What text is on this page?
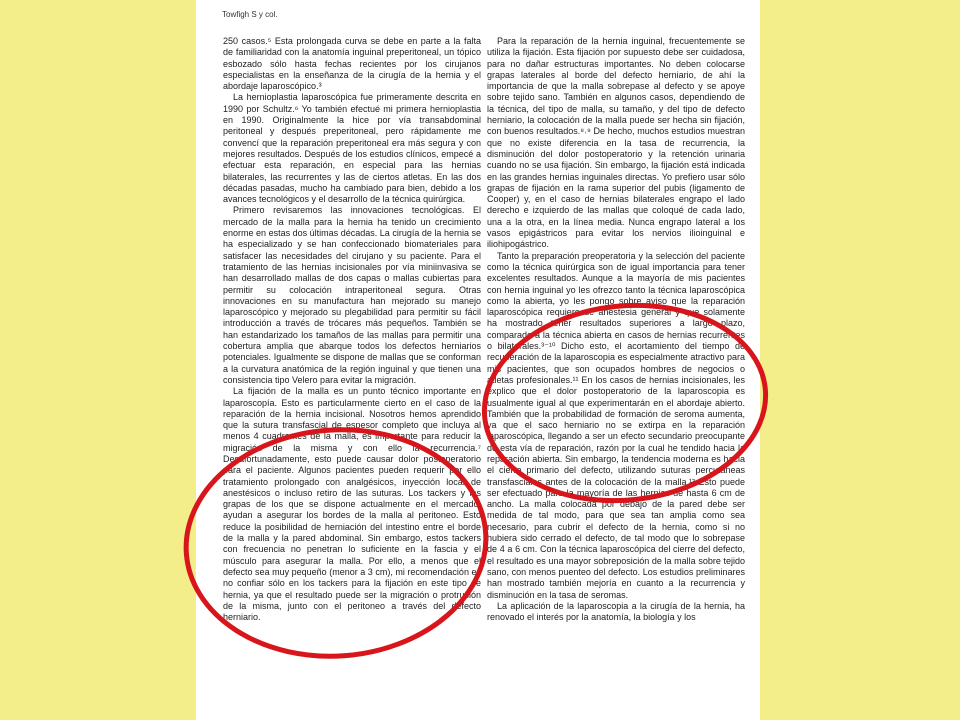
Towfigh S y col.

250 casos.⁵ Esta prolongada curva se debe en parte a la falta de familiaridad con la anatomía inguinal preperitoneal, un tópico esbozado sólo hasta fechas recientes por los cirujanos especialistas en la enseñanza de la cirugía de la hernia y el abordaje laparoscópico.³

La hernioplastia laparoscópica fue primeramente descrita en 1990 por Schultz.⁶ Yo también efectué mi primera hernioplastia en 1990. Originalmente la hice por vía transabdominal peritoneal y después preperitoneal, pero rápidamente me convencí que la reparación preperitoneal era más segura y con mejores resultados. Después de los estudios clínicos, empecé a efectuar esta reparación, en especial para las hernias bilaterales, las recurrentes y las de ciertos atletas. En las dos décadas pasadas, mucho ha cambiado para bien, debido a los avances tecnológicos y el desarrollo de la técnica quirúrgica.

Primero revisaremos las innovaciones tecnológicas. El mercado de la malla para la hernia ha tenido un crecimiento enorme en estas dos últimas décadas. La cirugía de la hernia se ha especializado y se han confeccionado biomateriales para satisfacer las necesidades del cirujano y su paciente. Para el tratamiento de las hernias incisionales por vía miniinvasiva se han desarrollado mallas de dos capas o mallas cubiertas para permitir su colocación intraperitoneal segura. Otras innovaciones en su manufactura han mejorado su manejo laparoscópico y mejorado su plegabilidad para permitir su fácil introducción a través de trócares más pequeños. También se han estandarizado los tamaños de las mallas para permitir una cobertura amplia que abarque todos los defectos herniarios potenciales. Igualmente se dispone de mallas que se conforman a la curvatura anatómica de la región inguinal y que tienen una consistencia tipo Velero para evitar la migración.

La fijación de la malla es un punto técnico importante en laparoscopía. Esto es particularmente cierto en el caso de la reparación de la hernia incisional. Nosotros hemos aprendido que la sutura transfascial de espesor completo que incluya al menos 4 cuadrantes de la malla, es importante para reducir la migración de la misma y con ello la recurrencia.⁷ Desafortunadamente, esto puede causar dolor postoperatorio para el paciente. Algunos pacientes pueden requerir por ello tratamiento prolongado con analgésicos, inyección local de anestésicos o incluso retiro de las suturas. Los tackers y las grapas de los que se dispone actualmente en el mercado, ayudan a asegurar los bordes de la malla al peritoneo. Esto reduce la posibilidad de herniación del intestino entre el borde de la malla y la pared abdominal. Sin embargo, estos tackers con frecuencia no penetran lo suficiente en la fascia y el músculo para asegurar la malla. Por ello, a menos que el defecto sea muy pequeño (menor a 3 cm), mi recomendación es no confiar sólo en los tackers para la fijación en este tipo de hernia, ya que el resultado puede ser la migración o protrusión de la misma, junto con el peritoneo a través del defecto herniario.

Para la reparación de la hernia inguinal, frecuentemente se utiliza la fijación. Esta fijación por supuesto debe ser cuidadosa, para no dañar estructuras importantes. No deben colocarse grapas laterales al borde del defecto herniario, de ahí la importancia de que la malla sobrepase al defecto y se apoye sobre tejido sano. También en algunos casos, dependiendo de la técnica, del tipo de malla, su tamaño, y del tipo de defecto herniario, la colocación de la malla puede ser hecha sin fijación, con buenos resultados.⁸˒⁹ De hecho, muchos estudios muestran que no existe diferencia en la tasa de recurrencia, la disminución del dolor postoperatorio y la retención urinaria cuando no se usa fijación. Sin embargo, la fijación está indicada en las grandes hernias inguinales directas. Yo prefiero usar sólo grapas de fijación en la rama superior del pubis (ligamento de Cooper) y, en el caso de hernias bilaterales engrapo el lado derecho e izquierdo de las mallas que coloqué de cada lado, una a la otra, en la línea media. Nunca engrapo lateral a los vasos epigástricos para evitar los nervios ilioinguinal e iliohipogástrico.

Tanto la preparación preoperatoria y la selección del paciente como la técnica quirúrgica son de igual importancia para tener excelentes resultados. Aunque a la mayoría de mis pacientes con hernia inguinal yo les ofrezco tanto la técnica laparoscópica como la abierta, yo les pongo sobre aviso que la reparación laparoscópica requiere de anestesia general y que solamente ha mostrado tener resultados superiores a largo plazo, comparado a la técnica abierta en casos de hernias recurrentes o bilaterales.³⁻¹⁰ Dicho esto, el acortamiento del tiempo de recuperación de la laparoscopia es especialmente atractivo para mis pacientes, que son ocupados hombres de negocios o atletas profesionales.¹¹ En los casos de hernias incisionales, les explico que el dolor postoperatorio de la laparoscopia es usualmente igual al que experimentarán en el abordaje abierto. También que la probabilidad de formación de seroma aumenta, ya que el saco herniario no se extirpa en la reparación laparoscópica, llegando a ser un efecto secundario preocupante de esta vía de reparación, razón por la cual he tendido hacia la reparación abierta. Sin embargo, la tendencia moderna es hacia el cierre primario del defecto, utilizando suturas percutáneas transfasciales antes de la colocación de la malla.¹² Esto puede ser efectuado para la mayoría de las hernias de hasta 6 cm de ancho. La malla colocada por debajo de la pared debe ser medida de tal modo, para que sea tan amplia como sea necesario, para cubrir el defecto de la hernia, como si no hubiera sido cerrado el defecto, de tal modo que lo sobrepase de 4 a 6 cm. Con la técnica laparoscópica del cierre del defecto, el resultado es una mayor sobreposición de la malla sobre tejido sano, con menos puenteo del defecto. Los estudios preliminares han mostrado también mejoría en cuanto a la recurrencia y disminución en la tasa de seromas.

La aplicación de la laparoscopia a la cirugía de la hernia, ha renovado el interés por la anatomía, la biología y los
